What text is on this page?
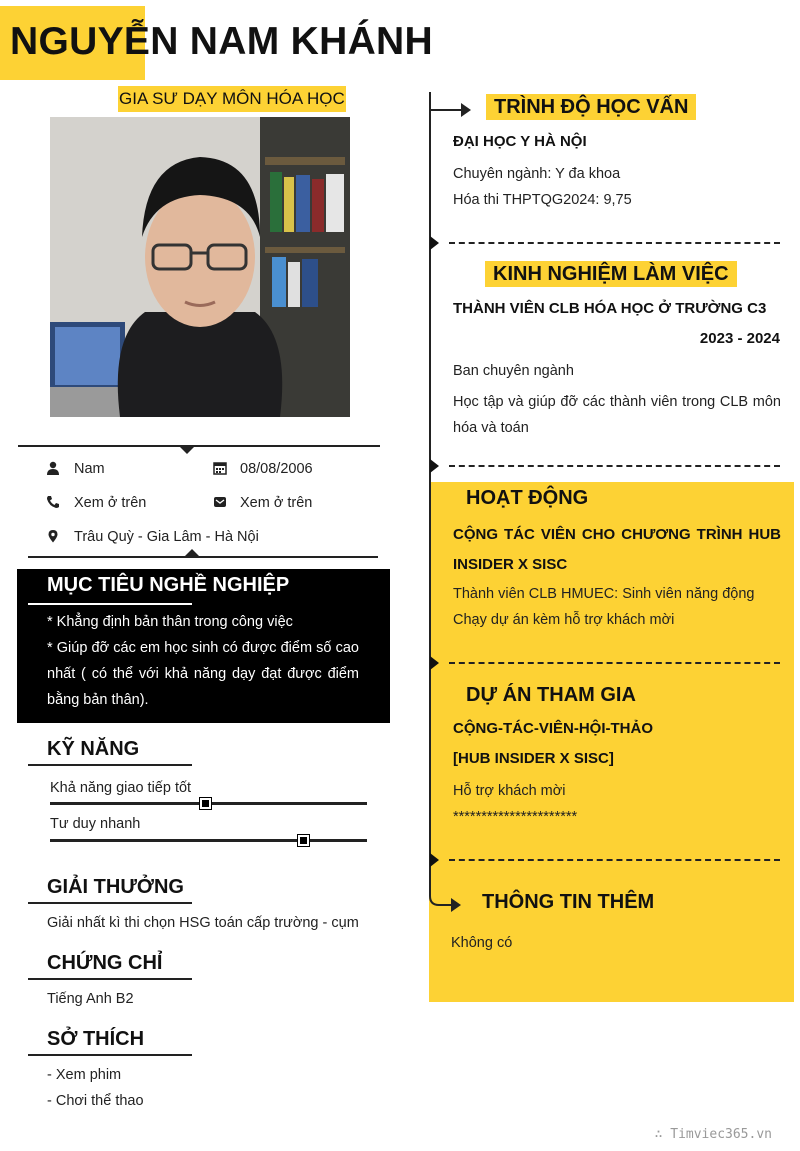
NGUYỄN NAM KHÁNH
GIA SƯ DẠY MÔN HÓA HỌC
Nam	08/08/2006
Xem ở trên	Xem ở trên
Trâu Quỳ - Gia Lâm - Hà Nội
MỤC TIÊU NGHỀ NGHIỆP
* Khẳng định bản thân trong công việc
* Giúp đỡ các em học sinh có được điểm số cao nhất ( có thể với khả năng dạy đạt được điểm bằng bản thân).
KỸ NĂNG
Khả năng giao tiếp tốt
Tư duy nhanh
GIẢI THƯỞNG
Giải nhất kì thi chọn HSG toán cấp trường - cụm
CHỨNG CHỈ
Tiếng Anh B2
SỞ THÍCH
- Xem phim
- Chơi thể thao
TRÌNH ĐỘ HỌC VẤN
ĐẠI HỌC Y HÀ NỘI
Chuyên ngành: Y đa khoa
Hóa thi THPTQG2024: 9,75
KINH NGHIỆM LÀM VIỆC
THÀNH VIÊN CLB HÓA HỌC Ở TRƯỜNG C3
2023 - 2024
Ban chuyên ngành
Học tập và giúp đỡ các thành viên trong CLB môn hóa và toán
HOẠT ĐỘNG
CỘNG TÁC VIÊN CHO CHƯƠNG TRÌNH HUB INSIDER X SISC
Thành viên CLB HMUEC: Sinh viên năng động
Chạy dự án kèm hỗ trợ khách mời
DỰ ÁN THAM GIA
CỘNG-TÁC-VIÊN-HỘI-THẢO
[HUB INSIDER X SISC]
Hỗ trợ khách mời
**********************
THÔNG TIN THÊM
Không có
∴ Timviec365.vn
